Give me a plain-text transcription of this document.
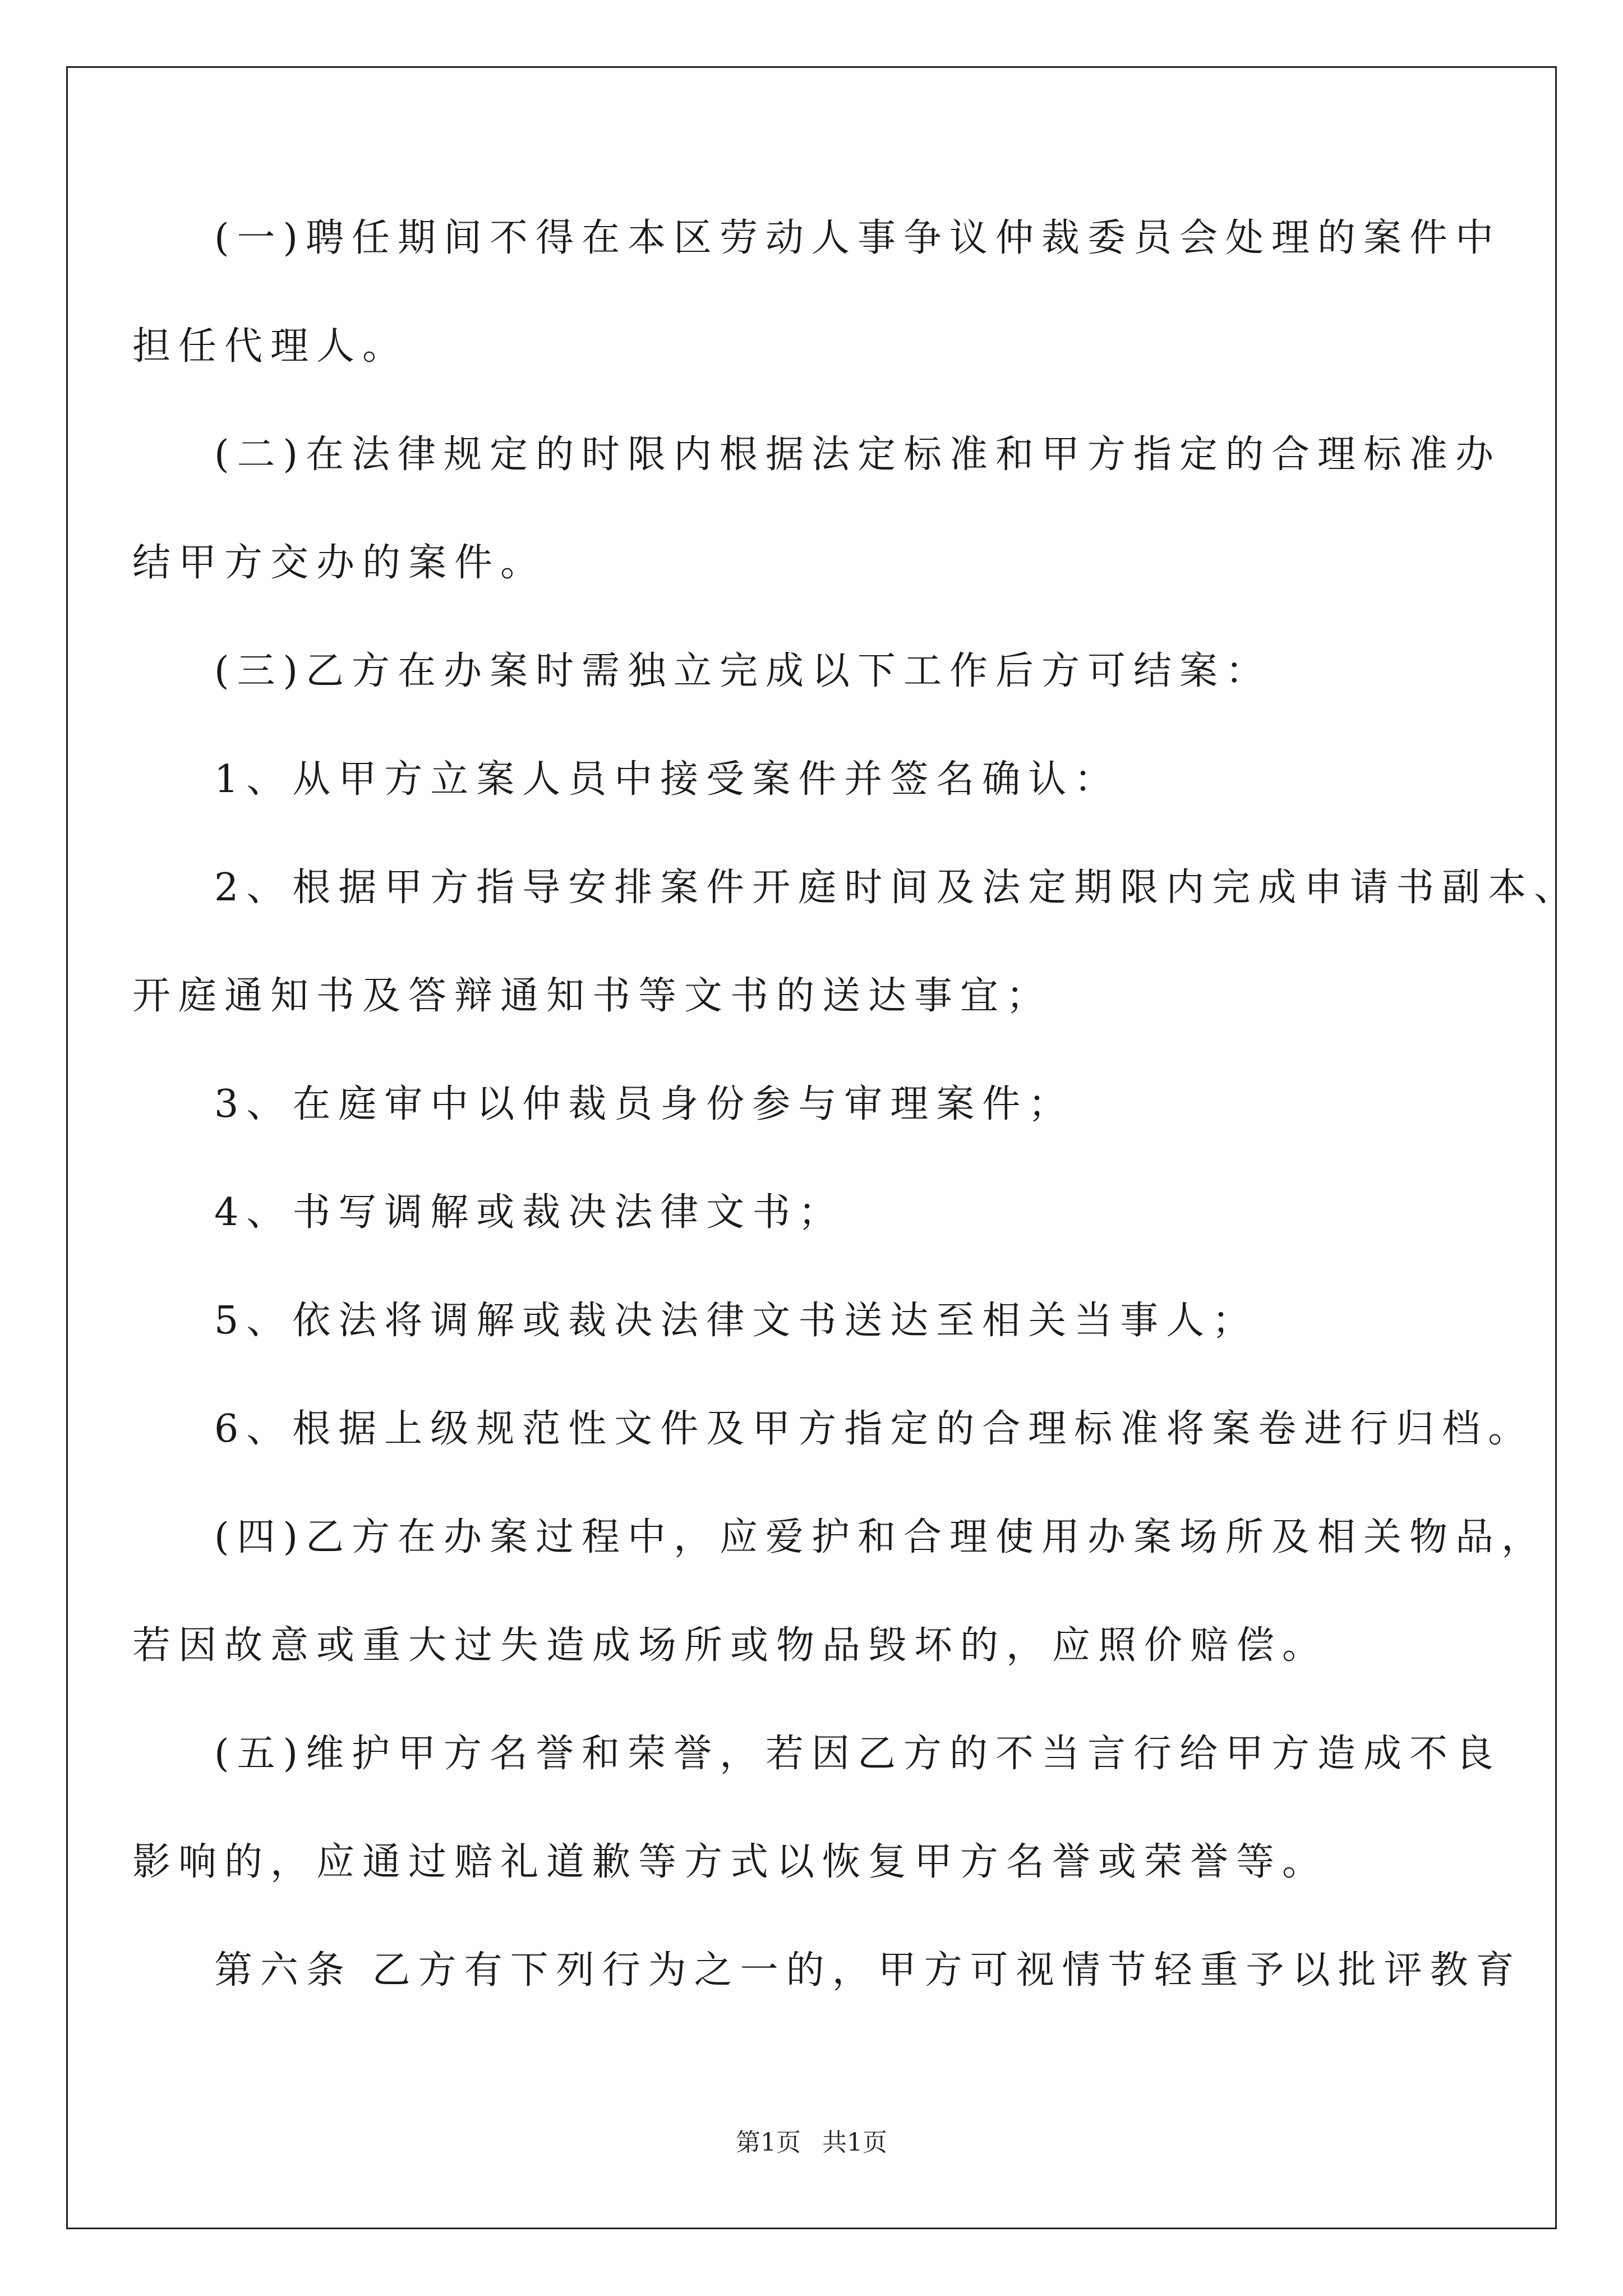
(一)聘任期间不得在本区劳动人事争议仲裁委员会处理的案件中
担任代理人。
(二)在法律规定的时限内根据法定标准和甲方指定的合理标准办
结甲方交办的案件。
(三)乙方在办案时需独立完成以下工作后方可结案：
1、从甲方立案人员中接受案件并签名确认：
2、根据甲方指导安排案件开庭时间及法定期限内完成申请书副本、
开庭通知书及答辩通知书等文书的送达事宜；
3、在庭审中以仲裁员身份参与审理案件；
4、书写调解或裁决法律文书；
5、依法将调解或裁决法律文书送达至相关当事人；
6、根据上级规范性文件及甲方指定的合理标准将案卷进行归档。
(四)乙方在办案过程中，应爱护和合理使用办案场所及相关物品，
若因故意或重大过失造成场所或物品毁坏的，应照价赔偿。
(五)维护甲方名誉和荣誉，若因乙方的不当言行给甲方造成不良
影响的，应通过赔礼道歉等方式以恢复甲方名誉或荣誉等。
第六条 乙方有下列行为之一的，甲方可视情节轻重予以批评教育
第1页 共1页
